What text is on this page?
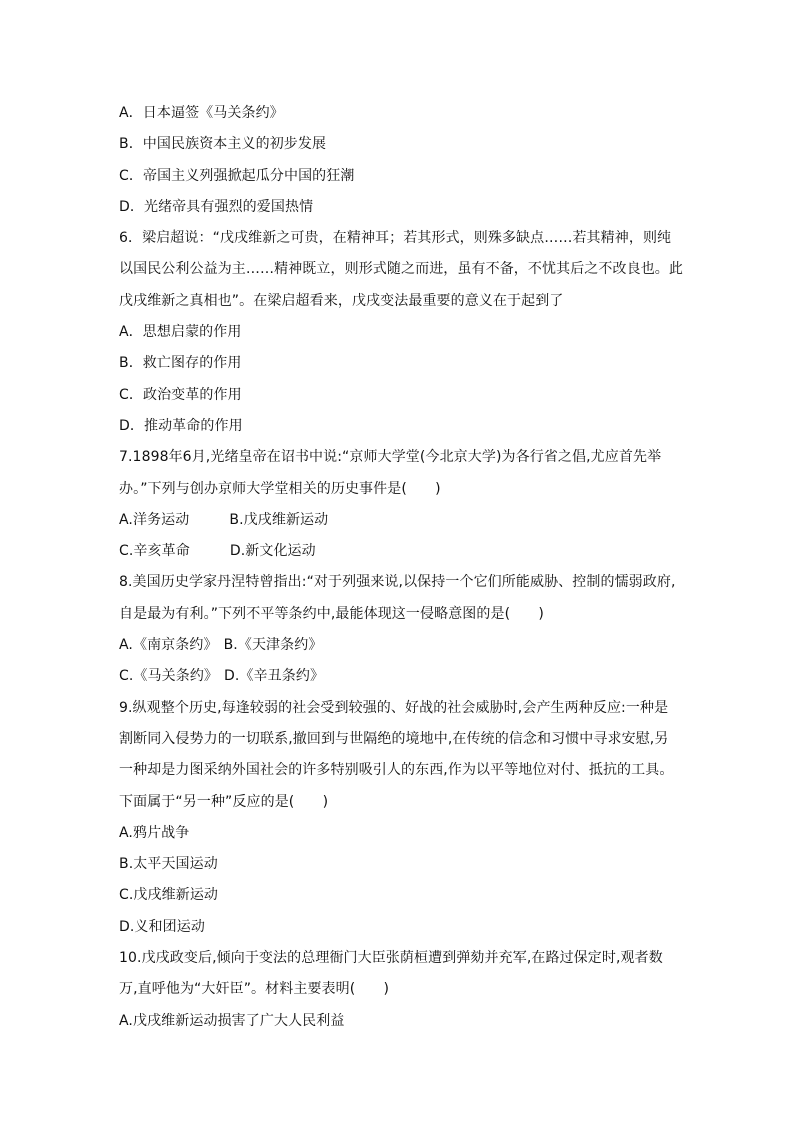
A．日本逼签《马关条约》
B．中国民族资本主义的初步发展
C．帝国主义列强掀起瓜分中国的狂潮
D．光绪帝具有强烈的爱国热情
6．梁启超说：“戊戌维新之可贵，在精神耳；若其形式，则殊多缺点……若其精神，则纯
以国民公利公益为主……精神既立，则形式随之而进，虽有不备，不忧其后之不改良也。此
戊戌维新之真相也”。在梁启超看来，戊戌变法最重要的意义在于起到了
A．思想启蒙的作用
B．救亡图存的作用
C．政治变革的作用
D．推动革命的作用
7.1898年6月,光绪皇帝在诏书中说:“京师大学堂(今北京大学)为各行省之倡,尤应首先举
办。”下列与创办京师大学堂相关的历史事件是(　　)
A.洋务运动	B.戊戌维新运动
C.辛亥革命	D.新文化运动
8.美国历史学家丹涅特曾指出:“对于列强来说,以保持一个它们所能威胁、控制的懦弱政府,
自是最为有利。”下列不平等条约中,最能体现这一侵略意图的是(　　)
A.《南京条约》 B.《天津条约》
C.《马关条约》 D.《辛丑条约》
9.纵观整个历史,每逢较弱的社会受到较强的、好战的社会威胁时,会产生两种反应:一种是
割断同入侵势力的一切联系,撤回到与世隔绝的境地中,在传统的信念和习惯中寻求安慰,另
一种却是力图采纳外国社会的许多特别吸引人的东西,作为以平等地位对付、抵抗的工具。
下面属于“另一种”反应的是(　　)
A.鸦片战争
B.太平天国运动
C.戊戌维新运动
D.义和团运动
10.戊戌政变后,倾向于变法的总理衙门大臣张荫桓遭到弹劾并充军,在路过保定时,观者数
万,直呼他为“大奸臣”。材料主要表明(　　)
A.戊戌维新运动损害了广大人民利益
